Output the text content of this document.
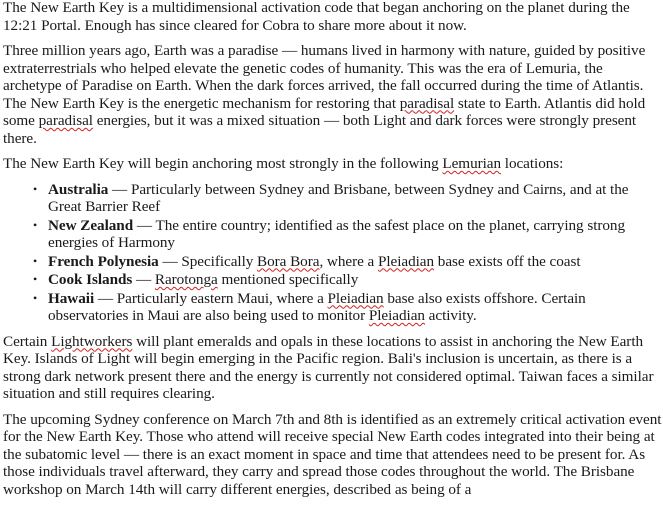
The New Earth Key is a multidimensional activation code that began anchoring on the planet during the 12:21 Portal. Enough has since cleared for Cobra to share more about it now.

Three million years ago, Earth was a paradise — humans lived in harmony with nature, guided by positive extraterrestrials who helped elevate the genetic codes of humanity. This was the era of Lemuria, the archetype of Paradise on Earth. When the dark forces arrived, the fall occurred during the time of Atlantis. The New Earth Key is the energetic mechanism for restoring that paradisal state to Earth. Atlantis did hold some paradisal energies, but it was a mixed situation — both Light and dark forces were strongly present there.

The New Earth Key will begin anchoring most strongly in the following Lemurian locations:

• Australia — Particularly between Sydney and Brisbane, between Sydney and Cairns, and at the Great Barrier Reef
• New Zealand — The entire country; identified as the safest place on the planet, carrying strong energies of Harmony
• French Polynesia — Specifically Bora Bora, where a Pleiadian base exists off the coast
• Cook Islands — Rarotonga mentioned specifically
• Hawaii — Particularly eastern Maui, where a Pleiadian base also exists offshore. Certain observatories in Maui are also being used to monitor Pleiadian activity.

Certain Lightworkers will plant emeralds and opals in these locations to assist in anchoring the New Earth Key. Islands of Light will begin emerging in the Pacific region. Bali's inclusion is uncertain, as there is a strong dark network present there and the energy is currently not considered optimal. Taiwan faces a similar situation and still requires clearing.

The upcoming Sydney conference on March 7th and 8th is identified as an extremely critical activation event for the New Earth Key. Those who attend will receive special New Earth codes integrated into their being at the subatomic level — there is an exact moment in space and time that attendees need to be present for. As those individuals travel afterward, they carry and spread those codes throughout the world. The Brisbane workshop on March 14th will carry different energies, described as being of a
